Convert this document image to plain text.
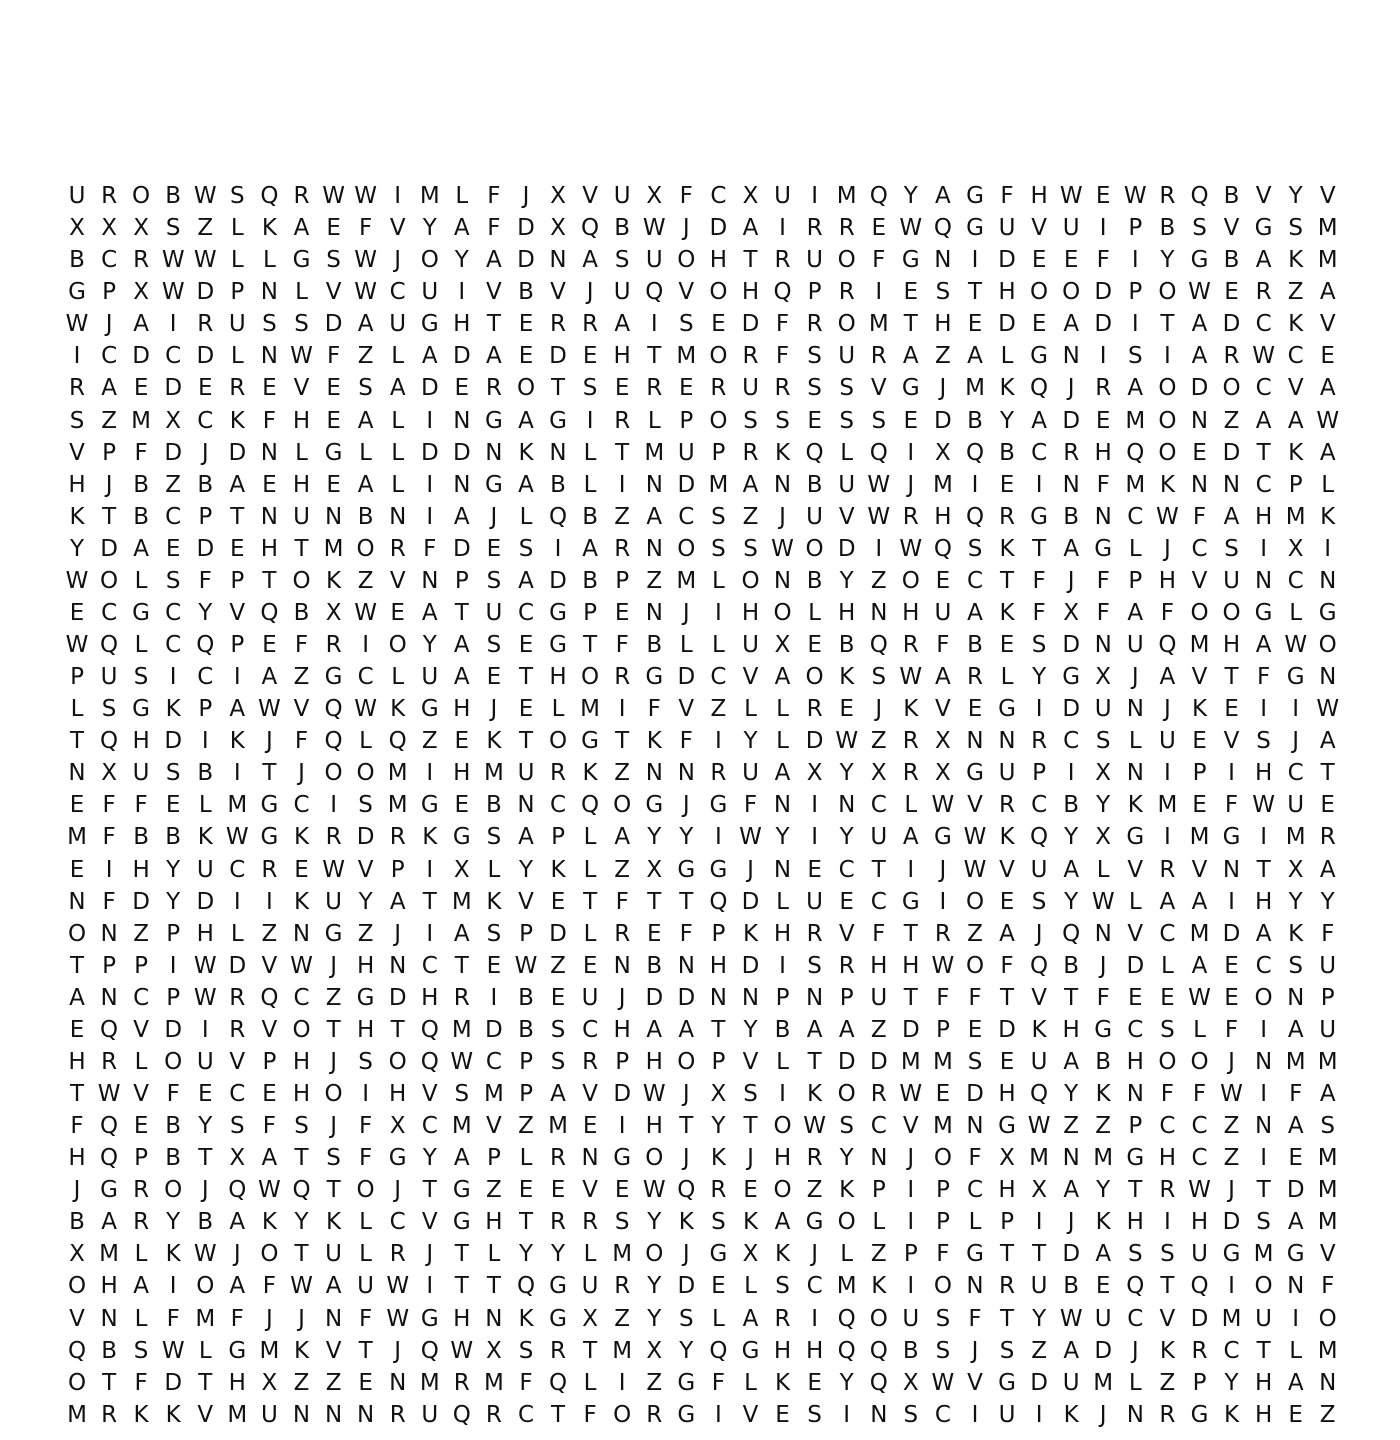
U R O B W S Q R W W I M L F J X V U X F C X U I M Q Y A G F H W E W R Q B V Y V
X X X S Z L K A E F V Y A F D X Q B W J D A I R R E W Q G U V U I P B S V G S M
B C R W W L L G S W J O Y A D N A S U O H T R U O F G N I D E E F I Y G B A K M
G P X W D P N L V W C U I V B V J U Q V O H Q P R I E S T H O O D P O W E R Z A
W J A I R U S S D A U G H T E R R A I S E D F R O M T H E D E A D I T A D C K V
I C D C D L N W F Z L A D A E D E H T M O R F S U R A Z A L G N I S I A R W C E
R A E D E R E V E S A D E R O T S E R E R U R S S V G J M K Q J R A O D O C V A
S Z M X C K F H E A L I N G A G I R L P O S S E S S E D B Y A D E M O N Z A A W
V P F D J D N L G L L D D N K N L T M U P R K Q L Q I X Q B C R H Q O E D T K A
H J B Z B A E H E A L I N G A B L I N D M A N B U W J M I E I N F M K N N C P L
K T B C P T N U N B N I A J L Q B Z A C S Z J U V W R H Q R G B N C W F A H M K
Y D A E D E H T M O R F D E S I A R N O S S W O D I W Q S K T A G L J C S I X I
W O L S F P T O K Z V N P S A D B P Z M L O N B Y Z O E C T F J F P H V U N C N
E C G C Y V Q B X W E A T U C G P E N J	I H O L H N H U A K F X F A F O O G L G
W Q L C Q P E F R I O Y A S E G T F B L L U X E B Q R F B E S D N U Q M H A W O
P U S I C I A Z G C L U A E T H O R G D C V A O K S W A R L Y G X J A V T F G N
L S G K P A W V Q W K G H J E L M I F V Z L L R E J K V E G I D U N J K E I	I W
T Q H D I K J F Q L Q Z E K T O G T K F I Y L D W Z R X N N R C S L U E V S J A
N X U S B I T J O O M I H M U R K Z N N R U A X Y X R X G U P I X N I P I H C T
E F F E L M G C I S M G E B N C Q O G J G F N I N C L W V R C B Y K M E F W U E
M F B B K W G K R D R K G S A P L A Y Y I W Y I Y U A G W K Q Y X G I M G I M R
E I H Y U C R E W V P I X L Y K L Z X G G J N E C T I	J W V U A L V R V N T X A
N F D Y D I	I K U Y A T M K V E T F T T Q D L U E C G I O E S Y W L A A I H Y Y
O N Z P H L Z N G Z J	I A S P D L R E F P K H R V F T R Z A J Q N V C M D A K F
T P P I W D V W J H N C T E W Z E N B N H D I S R H H W O F Q B J D L A E C S U
A N C P W R Q C Z G D H R I B E U J D D N N P N P U T F F T V T F E E W E O N P
E Q V D I R V O T H T Q M D B S C H A A T Y B A A Z D P E D K H G C S L F I A U
H R L O U V P H J S O Q W C P S R P H O P V L T D D M M S E U A B H O O J N M M
T W V F E C E H O I H V S M P A V D W J X S I K O R W E D H Q Y K N F F W I F A
F Q E B Y S F S J F X C M V Z M E I H T Y T O W S C V M N G W Z Z P C C Z N A S
H Q P B T X A T S F G Y A P L R N G O J K J H R Y N J O F X M N M G H C Z I E M
J G R O J Q W Q T O J T G Z E E V E W Q R E O Z K P I P C H X A Y T R W J T D M
B A R Y B A K Y K L C V G H T R R S Y K S K A G O L I P L P I	J K H I H D S A M
X M L K W J O T U L R J T L Y Y L M O J G X K J L Z P F G T T D A S S U G M G V
O H A I O A F W A U W I T T Q G U R Y D E L S C M K I O N R U B E Q T Q I O N F
V N L F M F J	J N F W G H N K G X Z Y S L A R I Q O U S F T Y W U C V D M U I O
Q B S W L G M K V T J Q W X S R T M X Y Q G H H Q Q B S J S Z A D J K R C T L M
O T F D T H X Z Z E N M R M F Q L I Z G F L K E Y Q X W V G D U M L Z P Y H A N
M R K K V M U N N N R U Q R C T F O R G I V E S I N S C I U I K J N R G K H E Z
